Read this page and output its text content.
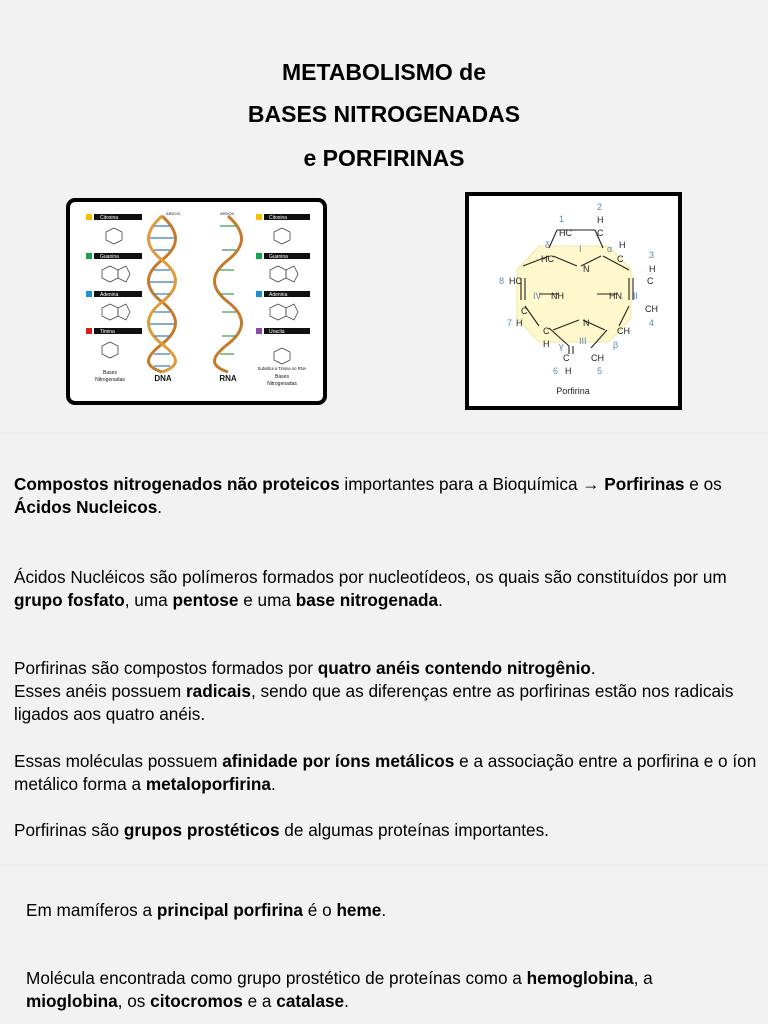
METABOLISMO de

BASES NITROGENADAS

e PORFIRINAS

Citosina
Guanina
Adenina
Timina
Citosina
Guanina
Adenina
Uracila
ARDOX	ARDOX
DNA	RNA
Bases
Nitrogenadas
Substitui a Timina no RNA
Bases
Nitrogenadas
2
H
1
HC	C
δ
HC
I	α H
C
N
3
H
C
CH
4
8 HC
C
7 H
IV NH	HN II
N
C
H
CH
γ III	β
C CH
6 H	5
Porfirina

Compostos nitrogenados não proteicos importantes para a Bioquímica → Porfirinas e os Ácidos Nucleicos.

Ácidos Nucléicos são polímeros formados por nucleotídeos, os quais são constituídos por um grupo fosfato, uma pentose e uma base nitrogenada.

Porfirinas são compostos formados por quatro anéis contendo nitrogênio.

Esses anéis possuem radicais, sendo que as diferenças entre as porfirinas estão nos radicais ligados aos quatro anéis.

Essas moléculas possuem afinidade por íons metálicos e a associação entre a porfirina e o íon metálico forma a metaloporfirina.

Porfirinas são grupos prostéticos de algumas proteínas importantes.

Em mamíferos a principal porfirina é o heme.

Molécula encontrada como grupo prostético de proteínas como a hemoglobina, a mioglobina, os citocromos e a catalase.
